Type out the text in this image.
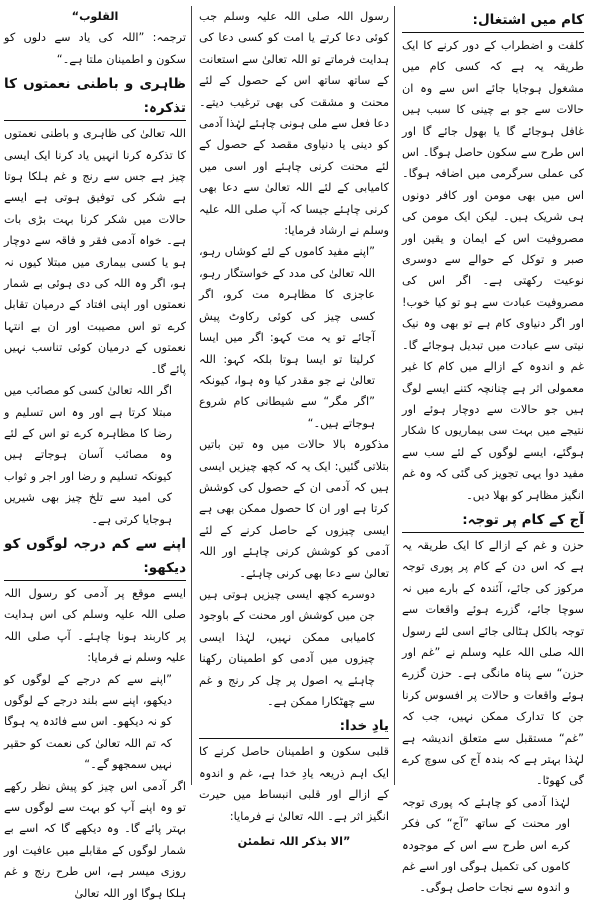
کام میں اشتغال:

کلفت و اضطراب کے دور کرنے کا ایک طریقہ یہ ہے کہ کسی کام میں مشغول ہوجایا جائے اس سے وہ ان حالات سے جو بے چینی کا سبب ہیں غافل ہوجائے گا یا بھول جائے گا اور اس طرح سے سکون حاصل ہوگا۔ اس کی عملی سرگرمی میں اضافہ ہوگا۔ اس میں بھی مومن اور کافر دونوں ہی شریک ہیں۔ لیکن ایک مومن کی مصروفیت اس کے ایمان و یقین اور صبر و توکل کے حوالے سے دوسری نوعیت رکھتی ہے۔ اگر اس کی مصروفیت عبادت سے ہو تو کیا خوب! اور اگر دنیاوی کام ہے تو بھی وہ نیک نیتی سے عبادت میں تبدیل ہوجائے گا۔ غم و اندوہ کے ازالے میں کام کا غیر معمولی اثر ہے چنانچہ کتنے ایسے لوگ ہیں جو حالات سے دوچار ہوئے اور نتیجے میں بہت سی بیماریوں کا شکار ہوگئے، ایسے لوگوں کے لئے سب سے مفید دوا یہی تجویز کی گئی کہ وہ غم انگیز مظاہر کو بھلا دیں۔

آج کے کام پر توجہ:

حزن و غم کے ازالے کا ایک طریقہ یہ ہے کہ اس دن کے کام پر پوری توجہ مرکوز کی جائے، آئندہ کے بارے میں نہ سوچا جائے، گزرے ہوئے واقعات سے توجہ بالکل ہٹالی جائے اسی لئے رسول اللہ صلی اللہ علیہ وسلم نے ”غم اور حزن“ سے پناہ مانگی ہے۔ حزن گزرے ہوئے واقعات و حالات پر افسوس کرنا جن کا تدارک ممکن نہیں، جب کہ ”غم“ مستقبل سے متعلق اندیشہ ہے لہٰذا بہتر ہے کہ بندہ آج کی سوچ کرے گی کھوٹا۔

لہٰذا آدمی کو چاہئے کہ پوری توجہ اور محنت کے ساتھ ”آج“ کی فکر کرے اس طرح سے اس کے موجودہ کاموں کی تکمیل ہوگی اور اسے غم و اندوہ سے نجات حاصل ہوگی۔

رسول اللہ صلی اللہ علیہ وسلم جب کوئی دعا کرتے یا امت کو کسی دعا کی ہدایت فرماتے تو اللہ تعالیٰ سے استعانت کے ساتھ ساتھ اس کے حصول کے لئے محنت و مشقت کی بھی ترغیب دیتے۔ دعا فعل سے ملی ہونی چاہئے لہٰذا آدمی کو دینی یا دنیاوی مقصد کے حصول کے لئے محنت کرنی چاہئے اور اسی میں کامیابی کے لئے اللہ تعالیٰ سے دعا بھی کرنی چاہئے جیسا کہ آپ صلی اللہ علیہ وسلم نے ارشاد فرمایا:

”اپنے مفید کاموں کے لئے کوشاں رہو، اللہ تعالیٰ کی مدد کے خواستگار رہو، عاجزی کا مظاہرہ مت کرو، اگر کسی چیز کی کوئی رکاوٹ پیش آجائے تو یہ مت کہو: اگر میں ایسا کرلیتا تو ایسا ہوتا بلکہ کہو: اللہ تعالیٰ نے جو مقدر کیا وہ ہوا، کیونکہ ”اگر مگر“ سے شیطانی کام شروع ہوجاتے ہیں۔“

مذکورہ بالا حالات میں وہ تین باتیں بتلاتی گئیں: ایک یہ کہ کچھ چیزیں ایسی ہیں کہ آدمی ان کے حصول کی کوشش کرتا ہے اور ان کا حصول ممکن بھی ہے ایسی چیزوں کے حاصل کرنے کے لئے آدمی کو کوشش کرنی چاہئے اور اللہ تعالیٰ سے دعا بھی کرنی چاہئے۔

دوسرے کچھ ایسی چیزیں ہوتی ہیں جن میں کوشش اور محنت کے باوجود کامیابی ممکن نہیں، لہٰذا ایسی چیزوں میں آدمی کو اطمینان رکھنا چاہئے یہ اصول پر چل کر رنج و غم سے چھٹکارا ممکن ہے۔

یادِ خدا:

قلبی سکون و اطمینان حاصل کرنے کا ایک اہم ذریعہ یادِ خدا ہے، غم و اندوہ کے ازالے اور قلبی انبساط میں حیرت انگیز اثر ہے۔ اللہ تعالیٰ نے فرمایا:

”الا بذکر اللہ تطمئن

القلوب“

ترجمہ: ”اللہ کی یاد سے دلوں کو سکون و اطمینان ملتا ہے۔“

ظاہری و باطنی نعمتوں کا تذکرہ:

اللہ تعالیٰ کی ظاہری و باطنی نعمتوں کا تذکرہ کرنا انہیں یاد کرنا ایک ایسی چیز ہے جس سے رنج و غم ہلکا ہوتا ہے شکر کی توفیق ہوتی ہے ایسے حالات میں شکر کرنا بہت بڑی بات ہے۔ خواہ آدمی فقر و فاقہ سے دوچار ہو یا کسی بیماری میں مبتلا کیوں نہ ہو، اگر وہ اللہ کی دی ہوئی بے شمار نعمتوں اور اپنی افتاد کے درمیان تقابل کرے تو اس مصیبت اور ان بے انتہا نعمتوں کے درمیان کوئی تناسب نہیں پائے گا۔

اگر اللہ تعالیٰ کسی کو مصائب میں مبتلا کرتا ہے اور وہ اس تسلیم و رضا کا مظاہرہ کرے تو اس کے لئے وہ مصائب آسان ہوجاتے ہیں کیونکہ تسلیم و رضا اور اجر و ثواب کی امید سے تلخ چیز بھی شیریں ہوجایا کرتی ہے۔

اپنے سے کم درجہ لوگوں کو دیکھو:

ایسے موقع پر آدمی کو رسول اللہ صلی اللہ علیہ وسلم کی اس ہدایت پر کاربند ہونا چاہئے۔ آپ صلی اللہ علیہ وسلم نے فرمایا:

”اپنے سے کم درجے کے لوگوں کو دیکھو، اپنے سے بلند درجے کے لوگوں کو نہ دیکھو۔ اس سے فائدہ یہ ہوگا کہ تم اللہ تعالیٰ کی نعمت کو حقیر نہیں سمجھو گے۔“

اگر آدمی اس چیز کو پیش نظر رکھے تو وہ اپنے آپ کو بہت سے لوگوں سے بہتر پائے گا۔ وہ دیکھے گا کہ اسے بے شمار لوگوں کے مقابلے میں عافیت اور روزی میسر ہے، اس طرح رنج و غم ہلکا ہوگا اور اللہ تعالیٰ
